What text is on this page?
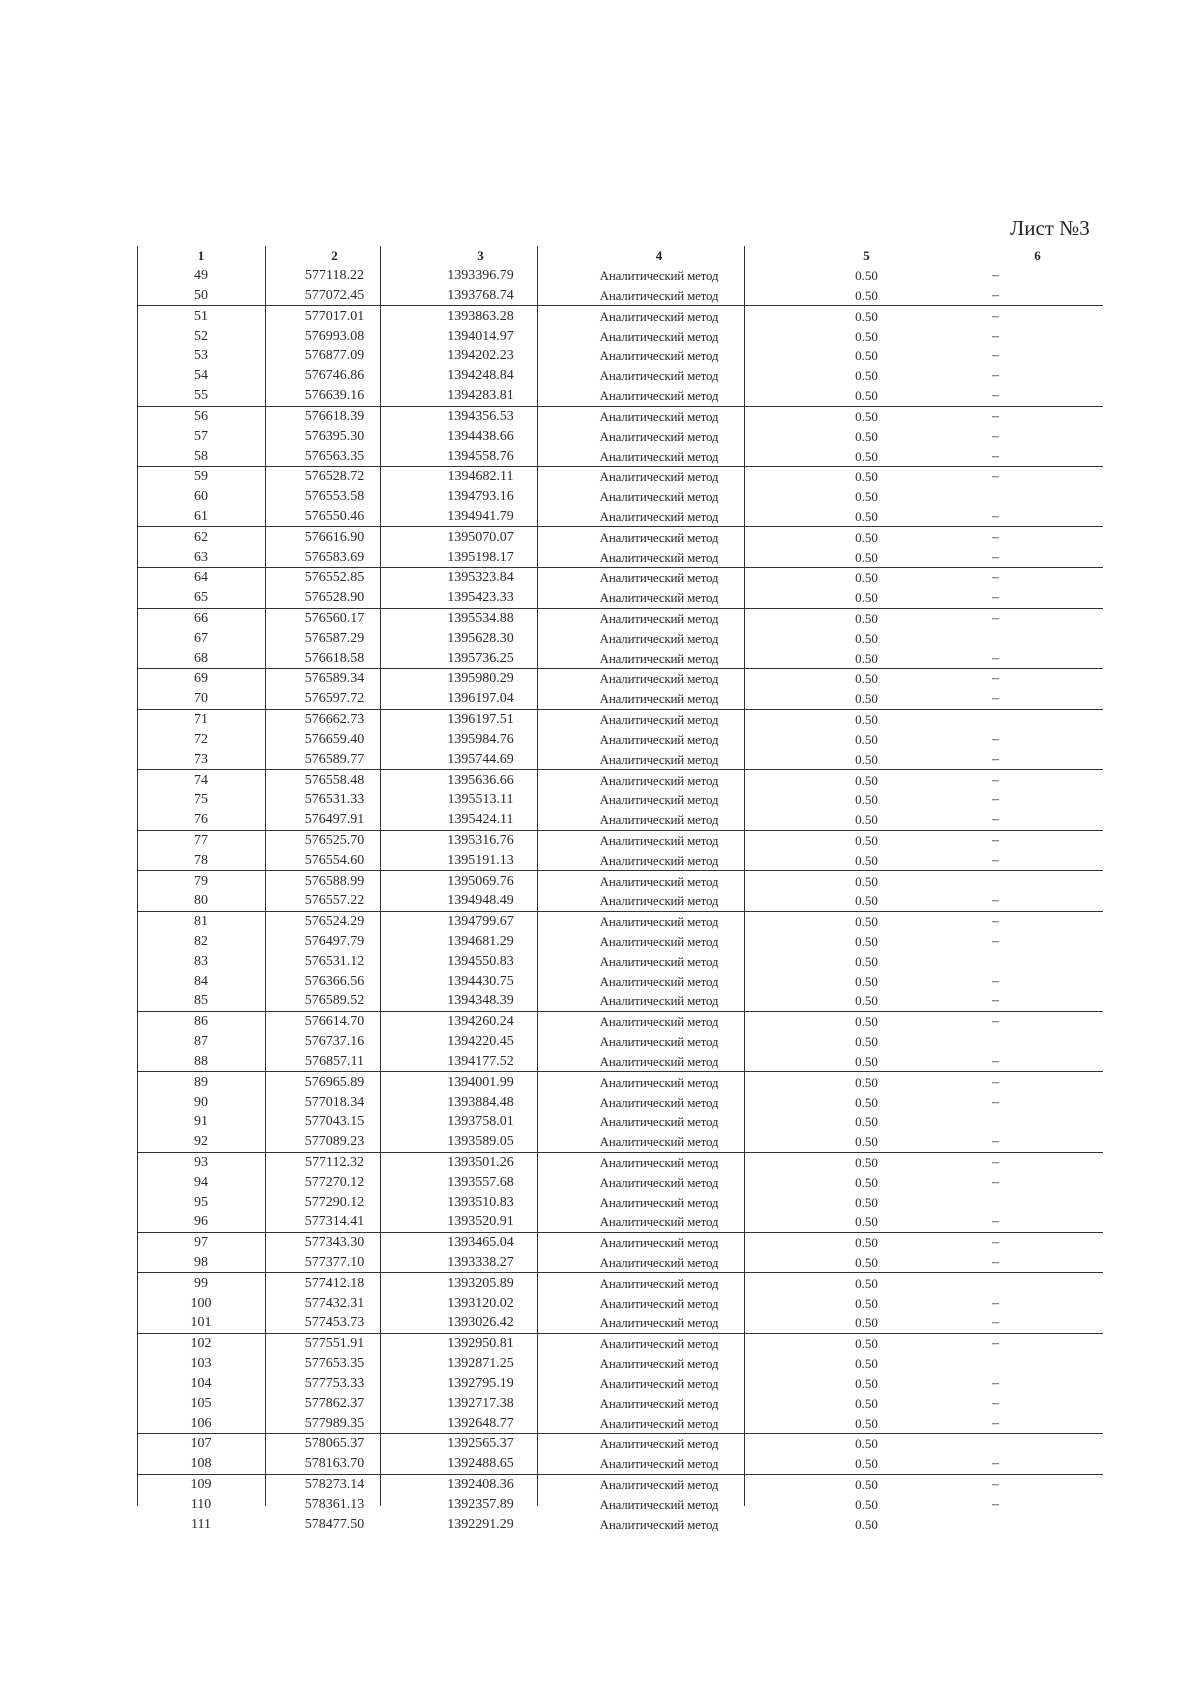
Лист №3
1	2	3	4	5	6
49	577118.22	1393396.79	Аналитический метод	0.50	–
50	577072.45	1393768.74	Аналитический метод	0.50	–
51	577017.01	1393863.28	Аналитический метод	0.50	–
52	576993.08	1394014.97	Аналитический метод	0.50	–
53	576877.09	1394202.23	Аналитический метод	0.50	–
54	576746.86	1394248.84	Аналитический метод	0.50	–
55	576639.16	1394283.81	Аналитический метод	0.50	–
56	576618.39	1394356.53	Аналитический метод	0.50	–
57	576395.30	1394438.66	Аналитический метод	0.50	–
58	576563.35	1394558.76	Аналитический метод	0.50	–
59	576528.72	1394682.11	Аналитический метод	0.50	–
60	576553.58	1394793.16	Аналитический метод	0.50	
61	576550.46	1394941.79	Аналитический метод	0.50	–
62	576616.90	1395070.07	Аналитический метод	0.50	–
63	576583.69	1395198.17	Аналитический метод	0.50	–
64	576552.85	1395323.84	Аналитический метод	0.50	–
65	576528.90	1395423.33	Аналитический метод	0.50	–
66	576560.17	1395534.88	Аналитический метод	0.50	–
67	576587.29	1395628.30	Аналитический метод	0.50	
68	576618.58	1395736.25	Аналитический метод	0.50	–
69	576589.34	1395980.29	Аналитический метод	0.50	–
70	576597.72	1396197.04	Аналитический метод	0.50	–
71	576662.73	1396197.51	Аналитический метод	0.50	
72	576659.40	1395984.76	Аналитический метод	0.50	–
73	576589.77	1395744.69	Аналитический метод	0.50	–
74	576558.48	1395636.66	Аналитический метод	0.50	–
75	576531.33	1395513.11	Аналитический метод	0.50	–
76	576497.91	1395424.11	Аналитический метод	0.50	–
77	576525.70	1395316.76	Аналитический метод	0.50	–
78	576554.60	1395191.13	Аналитический метод	0.50	–
79	576588.99	1395069.76	Аналитический метод	0.50	
80	576557.22	1394948.49	Аналитический метод	0.50	–
81	576524.29	1394799.67	Аналитический метод	0.50	–
82	576497.79	1394681.29	Аналитический метод	0.50	–
83	576531.12	1394550.83	Аналитический метод	0.50	
84	576366.56	1394430.75	Аналитический метод	0.50	–
85	576589.52	1394348.39	Аналитический метод	0.50	–
86	576614.70	1394260.24	Аналитический метод	0.50	–
87	576737.16	1394220.45	Аналитический метод	0.50	
88	576857.11	1394177.52	Аналитический метод	0.50	–
89	576965.89	1394001.99	Аналитический метод	0.50	–
90	577018.34	1393884.48	Аналитический метод	0.50	–
91	577043.15	1393758.01	Аналитический метод	0.50	
92	577089.23	1393589.05	Аналитический метод	0.50	–
93	577112.32	1393501.26	Аналитический метод	0.50	–
94	577270.12	1393557.68	Аналитический метод	0.50	–
95	577290.12	1393510.83	Аналитический метод	0.50	
96	577314.41	1393520.91	Аналитический метод	0.50	–
97	577343.30	1393465.04	Аналитический метод	0.50	–
98	577377.10	1393338.27	Аналитический метод	0.50	–
99	577412.18	1393205.89	Аналитический метод	0.50	
100	577432.31	1393120.02	Аналитический метод	0.50	–
101	577453.73	1393026.42	Аналитический метод	0.50	–
102	577551.91	1392950.81	Аналитический метод	0.50	–
103	577653.35	1392871.25	Аналитический метод	0.50	
104	577753.33	1392795.19	Аналитический метод	0.50	–
105	577862.37	1392717.38	Аналитический метод	0.50	–
106	577989.35	1392648.77	Аналитический метод	0.50	–
107	578065.37	1392565.37	Аналитический метод	0.50	
108	578163.70	1392488.65	Аналитический метод	0.50	–
109	578273.14	1392408.36	Аналитический метод	0.50	–
110	578361.13	1392357.89	Аналитический метод	0.50	–
111	578477.50	1392291.29	Аналитический метод	0.50	
